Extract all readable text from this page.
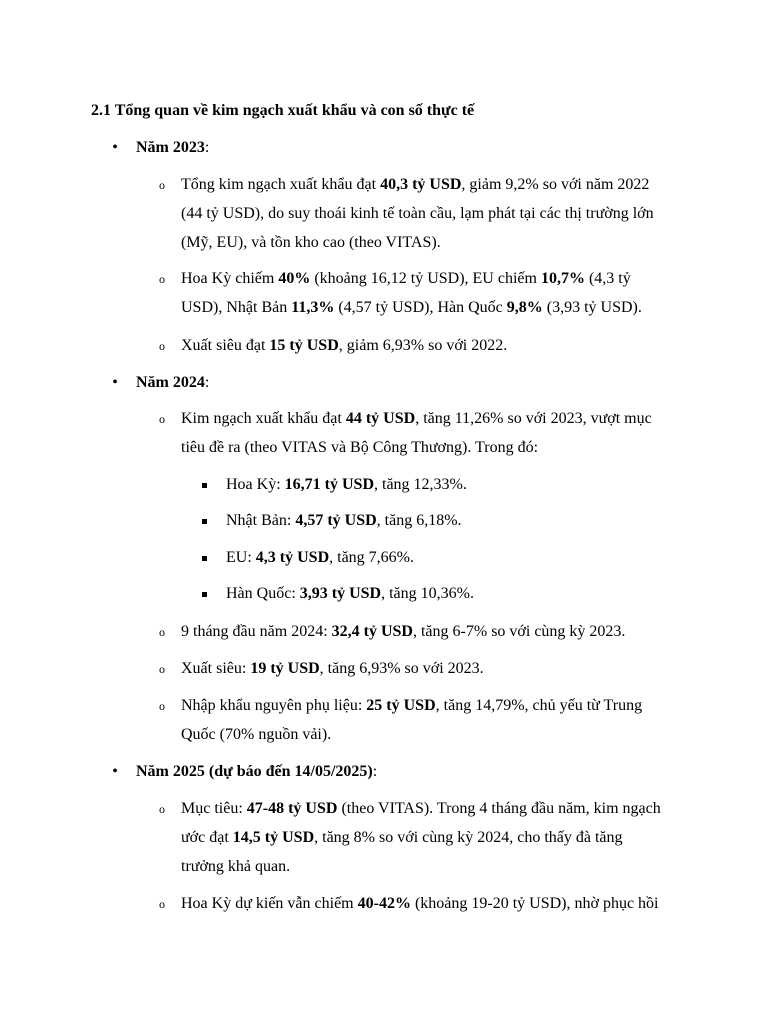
2.1 Tổng quan về kim ngạch xuất khẩu và con số thực tế
• Năm 2023:
o Tổng kim ngạch xuất khẩu đạt 40,3 tỷ USD, giảm 9,2% so với năm 2022
(44 tỷ USD), do suy thoái kinh tế toàn cầu, lạm phát tại các thị trường lớn
(Mỹ, EU), và tồn kho cao (theo VITAS).
o Hoa Kỳ chiếm 40% (khoảng 16,12 tỷ USD), EU chiếm 10,7% (4,3 tỷ
USD), Nhật Bản 11,3% (4,57 tỷ USD), Hàn Quốc 9,8% (3,93 tỷ USD).
o Xuất siêu đạt 15 tỷ USD, giảm 6,93% so với 2022.
• Năm 2024:
o Kim ngạch xuất khẩu đạt 44 tỷ USD, tăng 11,26% so với 2023, vượt mục
tiêu đề ra (theo VITAS và Bộ Công Thương). Trong đó:
Hoa Kỳ: 16,71 tỷ USD, tăng 12,33%.
Nhật Bản: 4,57 tỷ USD, tăng 6,18%.
EU: 4,3 tỷ USD, tăng 7,66%.
Hàn Quốc: 3,93 tỷ USD, tăng 10,36%.
o 9 tháng đầu năm 2024: 32,4 tỷ USD, tăng 6-7% so với cùng kỳ 2023.
o Xuất siêu: 19 tỷ USD, tăng 6,93% so với 2023.
o Nhập khẩu nguyên phụ liệu: 25 tỷ USD, tăng 14,79%, chủ yếu từ Trung
Quốc (70% nguồn vải).
• Năm 2025 (dự báo đến 14/05/2025):
o Mục tiêu: 47-48 tỷ USD (theo VITAS). Trong 4 tháng đầu năm, kim ngạch
ước đạt 14,5 tỷ USD, tăng 8% so với cùng kỳ 2024, cho thấy đà tăng
trưởng khả quan.
o Hoa Kỳ dự kiến vẫn chiếm 40-42% (khoảng 19-20 tỷ USD), nhờ phục hồi
